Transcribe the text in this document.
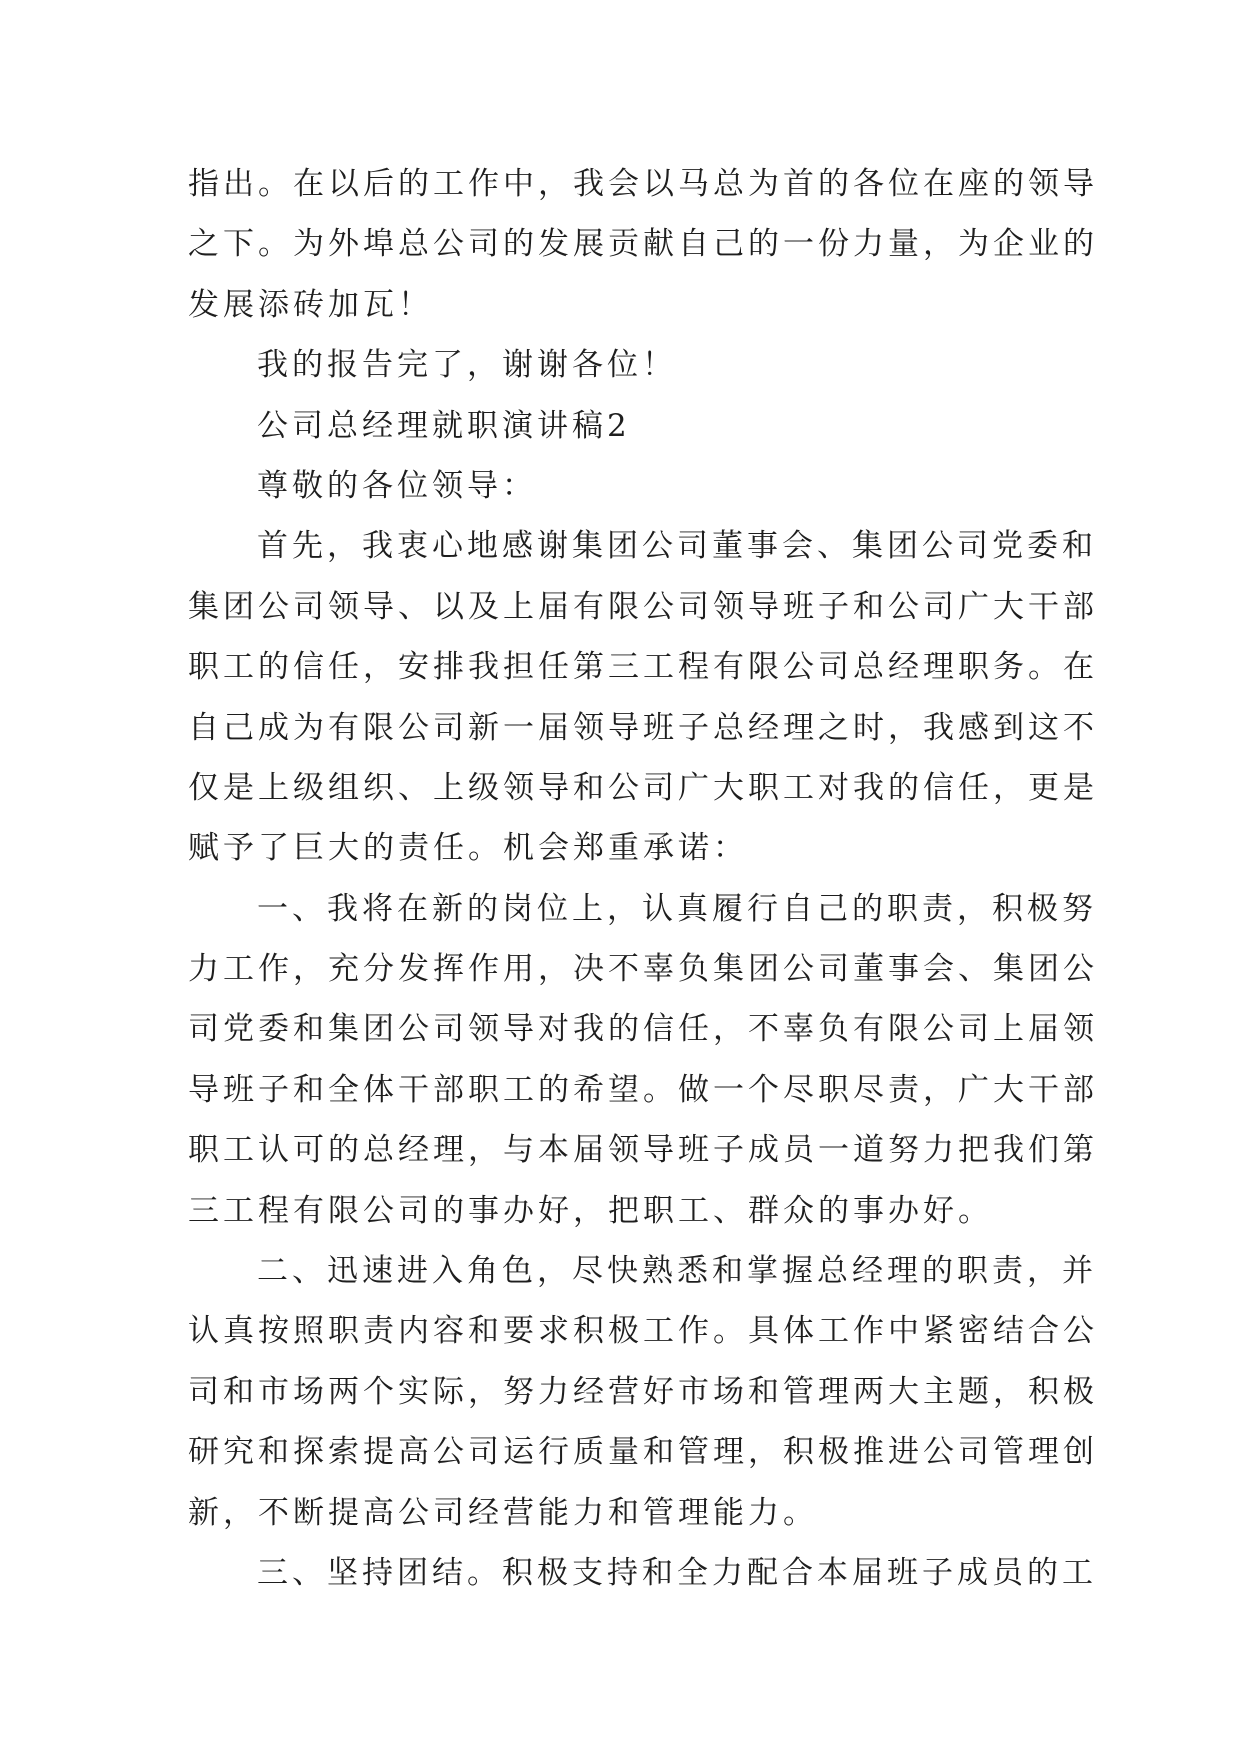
指出。在以后的工作中，我会以马总为首的各位在座的领导
之下。为外埠总公司的发展贡献自己的一份力量，为企业的
发展添砖加瓦！
我的报告完了，谢谢各位！
公司总经理就职演讲稿2
尊敬的各位领导：
首先，我衷心地感谢集团公司董事会、集团公司党委和
集团公司领导、以及上届有限公司领导班子和公司广大干部
职工的信任，安排我担任第三工程有限公司总经理职务。在
自己成为有限公司新一届领导班子总经理之时，我感到这不
仅是上级组织、上级领导和公司广大职工对我的信任，更是
赋予了巨大的责任。机会郑重承诺：
一、我将在新的岗位上，认真履行自己的职责，积极努
力工作，充分发挥作用，决不辜负集团公司董事会、集团公
司党委和集团公司领导对我的信任，不辜负有限公司上届领
导班子和全体干部职工的希望。做一个尽职尽责，广大干部
职工认可的总经理，与本届领导班子成员一道努力把我们第
三工程有限公司的事办好，把职工、群众的事办好。
二、迅速进入角色，尽快熟悉和掌握总经理的职责，并
认真按照职责内容和要求积极工作。具体工作中紧密结合公
司和市场两个实际，努力经营好市场和管理两大主题，积极
研究和探索提高公司运行质量和管理，积极推进公司管理创
新，不断提高公司经营能力和管理能力。
三、坚持团结。积极支持和全力配合本届班子成员的工
